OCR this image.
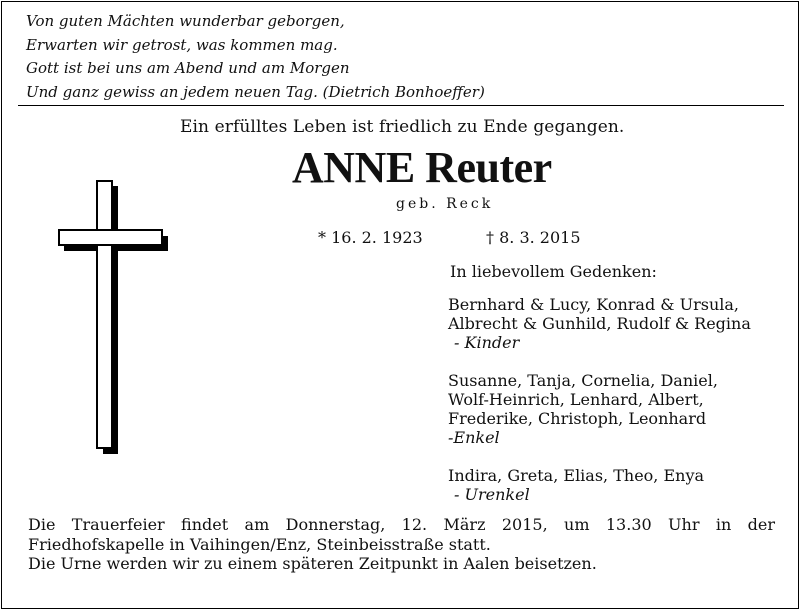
Von guten Mächten wunderbar geborgen,
Erwarten wir getrost, was kommen mag.
Gott ist bei uns am Abend und am Morgen
Und ganz gewiss an jedem neuen Tag. (Dietrich Bonhoeffer)
Ein erfülltes Leben ist friedlich zu Ende gegangen.
ANNE Reuter
geb. Reck
* 16. 2. 1923	† 8. 3. 2015
In liebevollem Gedenken:
Bernhard & Lucy, Konrad & Ursula,
Albrecht & Gunhild, Rudolf & Regina
- Kinder
Susanne, Tanja, Cornelia, Daniel,
Wolf-Heinrich, Lenhard, Albert,
Frederike, Christoph, Leonhard
-Enkel
Indira, Greta, Elias, Theo, Enya
- Urenkel
Die Trauerfeier findet am Donnerstag, 12. März 2015, um 13.30 Uhr in der
Friedhofskapelle in Vaihingen/Enz, Steinbeisstraße statt.
Die Urne werden wir zu einem späteren Zeitpunkt in Aalen beisetzen.
